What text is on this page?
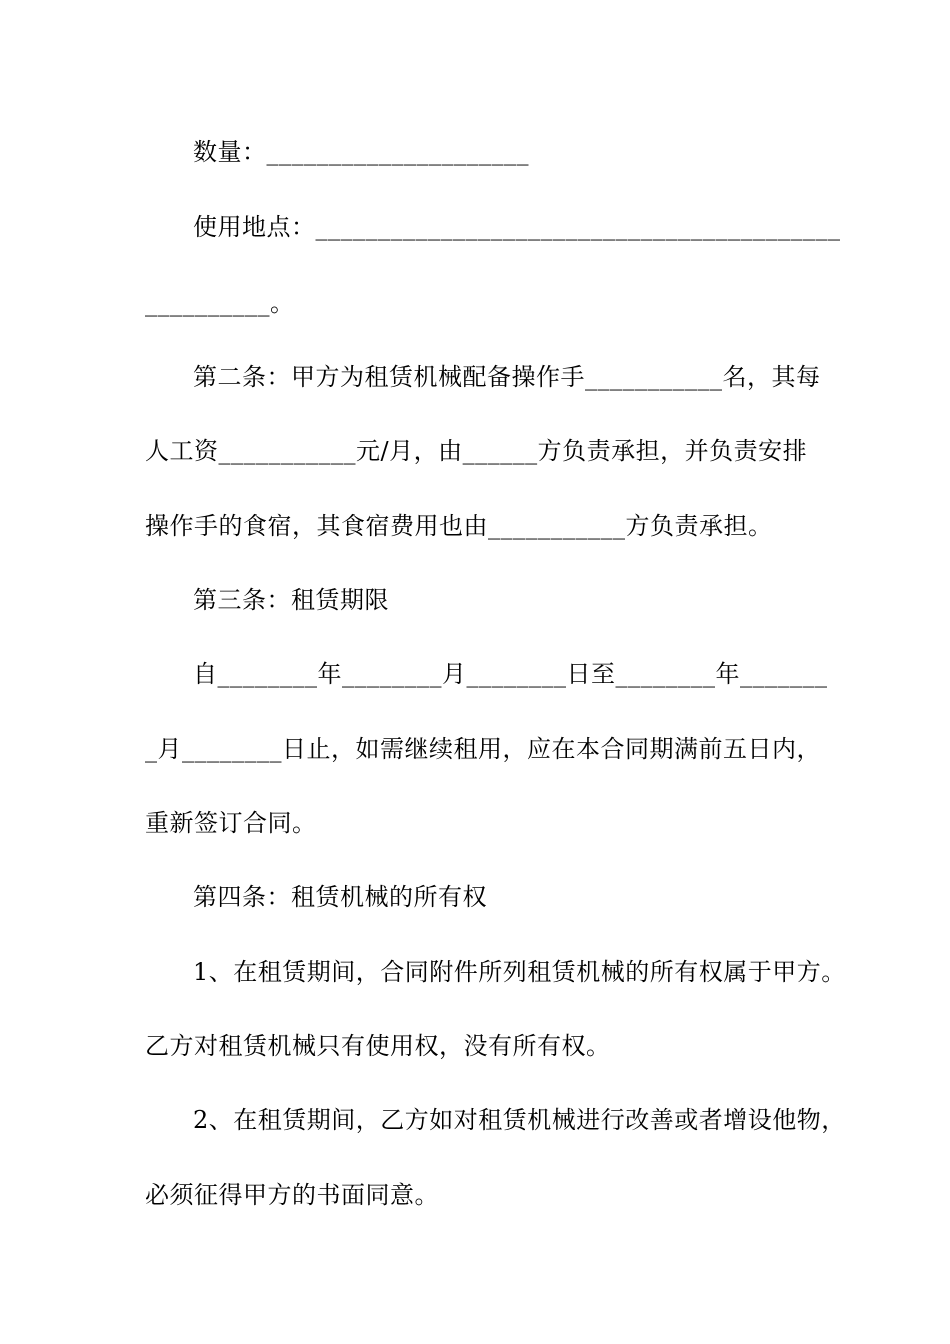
数量：_____________________
使用地点：__________________________________________
__________。
第二条：甲方为租赁机械配备操作手___________名，其每
人工资___________元/月，由______方负责承担，并负责安排
操作手的食宿，其食宿费用也由___________方负责承担。
第三条：租赁期限
自________年________月________日至________年_______
_月________日止，如需继续租用，应在本合同期满前五日内，
重新签订合同。
第四条：租赁机械的所有权
1、在租赁期间，合同附件所列租赁机械的所有权属于甲方。
乙方对租赁机械只有使用权，没有所有权。
2、在租赁期间，乙方如对租赁机械进行改善或者增设他物，
必须征得甲方的书面同意。
